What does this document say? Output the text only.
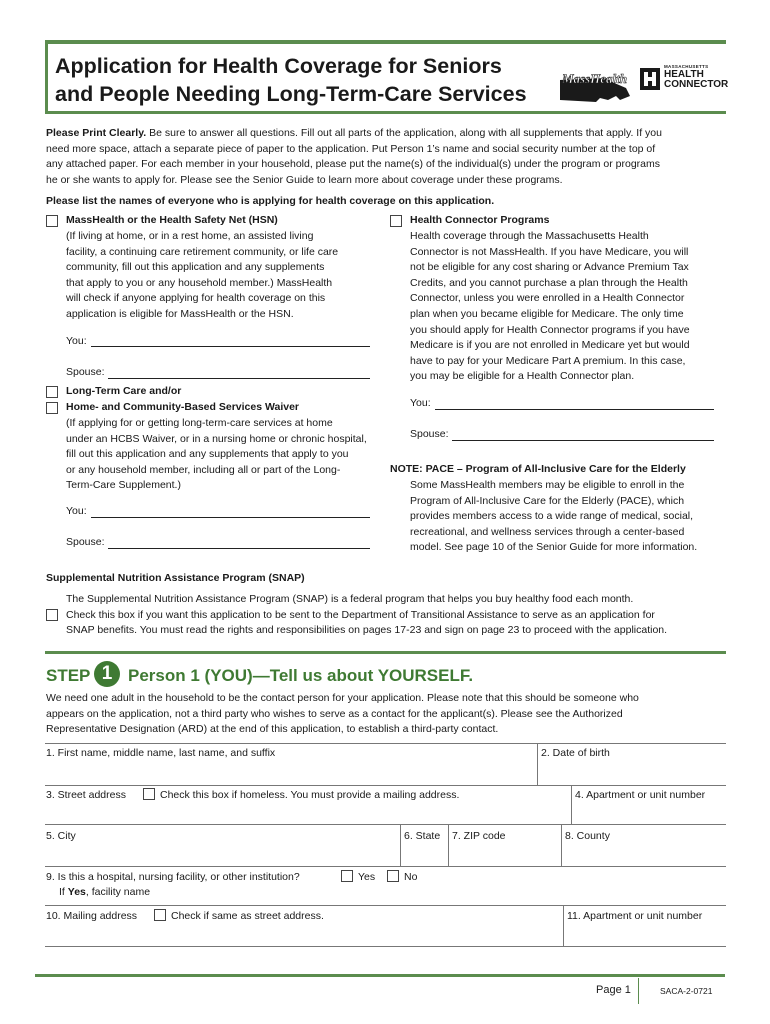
Application for Health Coverage for Seniors
and People Needing Long-Term-Care Services
MassHealth
MASSACHUSETTS
HEALTH
CONNECTOR
Please Print Clearly. Be sure to answer all questions. Fill out all parts of the application, along with all supplements that apply. If you
need more space, attach a separate piece of paper to the application. Put Person 1’s name and social security number at the top of
any attached paper. For each member in your household, please put the name(s) of the individual(s) under the program or programs
he or she wants to apply for. Please see the Senior Guide to learn more about coverage under these programs.
Please list the names of everyone who is applying for health coverage on this application.
MassHealth or the Health Safety Net (HSN)
(If living at home, or in a rest home, an assisted living
facility, a continuing care retirement community, or life care
community, fill out this application and any supplements
that apply to you or any household member.) MassHealth
will check if anyone applying for health coverage on this
application is eligible for MassHealth or the HSN.
You:
Spouse:
Long-Term Care and/or
Home- and Community-Based Services Waiver
(If applying for or getting long-term-care services at home
under an HCBS Waiver, or in a nursing home or chronic hospital,
fill out this application and any supplements that apply to you
or any household member, including all or part of the Long-
Term-Care Supplement.)
You:
Spouse:
Health Connector Programs
Health coverage through the Massachusetts Health
Connector is not MassHealth. If you have Medicare, you will
not be eligible for any cost sharing or Advance Premium Tax
Credits, and you cannot purchase a plan through the Health
Connector, unless you were enrolled in a Health Connector
plan when you became eligible for Medicare. The only time
you should apply for Health Connector programs if you have
Medicare is if you are not enrolled in Medicare yet but would
have to pay for your Medicare Part A premium. In this case,
you may be eligible for a Health Connector plan.
You:
Spouse:
NOTE: PACE – Program of All-Inclusive Care for the Elderly
Some MassHealth members may be eligible to enroll in the
Program of All-Inclusive Care for the Elderly (PACE), which
provides members access to a wide range of medical, social,
recreational, and wellness services through a center-based
model. See page 10 of the Senior Guide for more information.
Supplemental Nutrition Assistance Program (SNAP)
The Supplemental Nutrition Assistance Program (SNAP) is a federal program that helps you buy healthy food each month.
Check this box if you want this application to be sent to the Department of Transitional Assistance to serve as an application for
SNAP benefits. You must read the rights and responsibilities on pages 17-23 and sign on page 23 to proceed with the application.
STEP 1 Person 1 (YOU)—Tell us about YOURSELF.
We need one adult in the household to be the contact person for your application. Please note that this should be someone who
appears on the application, not a third party who wishes to serve as a contact for the applicant(s). Please see the Authorized
Representative Designation (ARD) at the end of this application, to establish a third-party contact.
1. First name, middle name, last name, and suffix	2. Date of birth
3. Street address	Check this box if homeless. You must provide a mailing address.	4. Apartment or unit number
5. City	6. State 7. ZIP code	8. County
9. Is this a hospital, nursing facility, or other institution?	Yes	No
If Yes, facility name
10. Mailing address	Check if same as street address.	11. Apartment or unit number
Page 1	SACA-2-0721
